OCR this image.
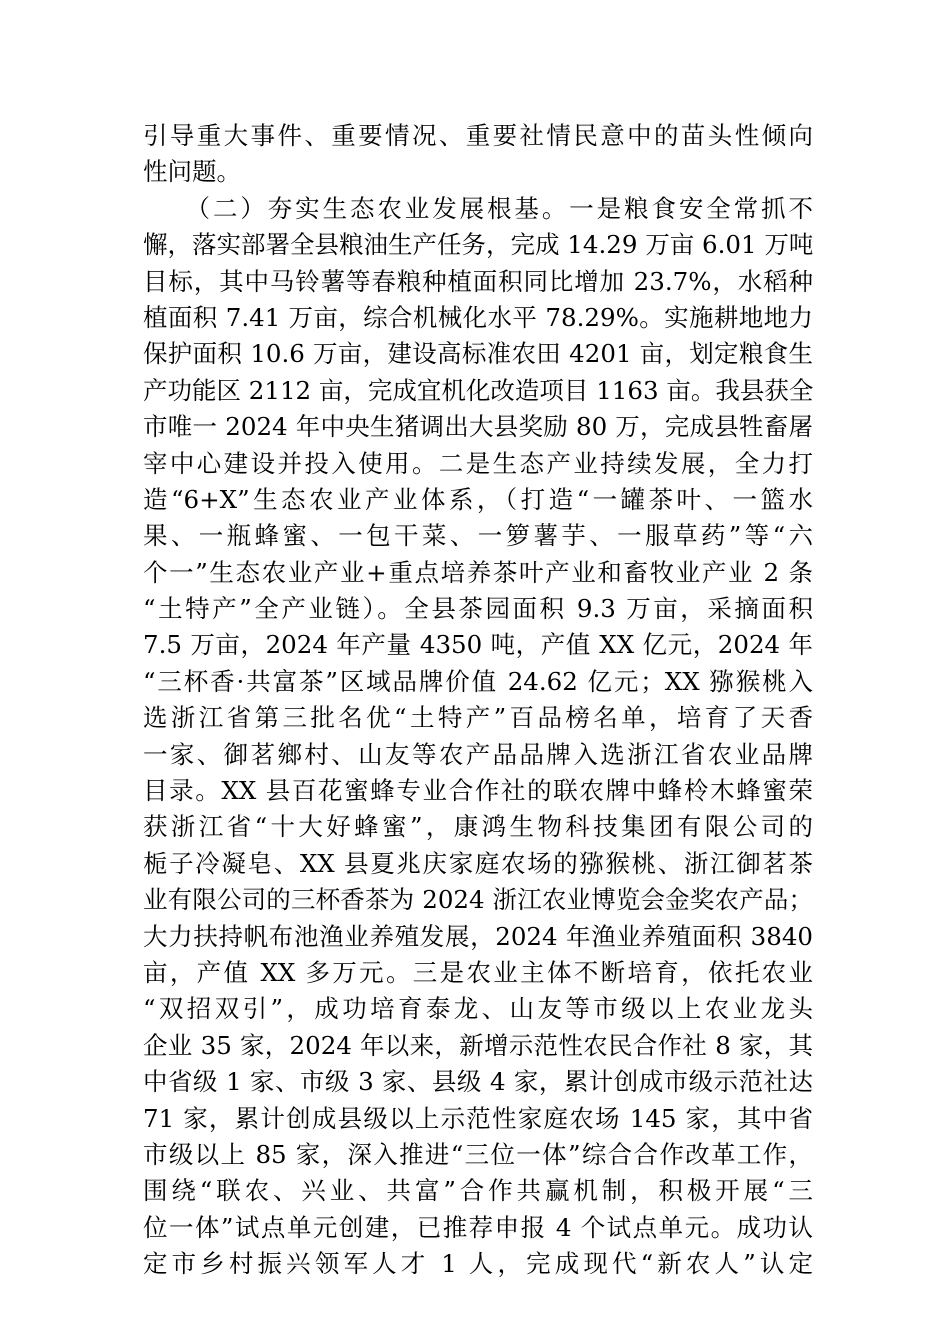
引导重大事件、重要情况、重要社情民意中的苗头性倾向
性问题。
　　（二）夯实生态农业发展根基。一是粮食安全常抓不
懈，落实部署全县粮油生产任务，完成 14.29 万亩 6.01 万吨
目标，其中马铃薯等春粮种植面积同比增加 23.7%，水稻种
植面积 7.41 万亩，综合机械化水平 78.29%。实施耕地地力
保护面积 10.6 万亩，建设高标准农田 4201 亩，划定粮食生
产功能区 2112 亩，完成宜机化改造项目 1163 亩。我县获全
市唯一 2024 年中央生猪调出大县奖励 80 万，完成县牲畜屠
宰中心建设并投入使用。二是生态产业持续发展，全力打
造“6+X”生态农业产业体系，（打造“一罐茶叶、一篮水
果、一瓶蜂蜜、一包干菜、一箩薯芋、一服草药”等“六
个一”生态农业产业+重点培养茶叶产业和畜牧业产业 2 条
“土特产”全产业链）。全县茶园面积 9.3 万亩，采摘面积
7.5 万亩，2024 年产量 4350 吨，产值 XX 亿元，2024 年
“三杯香·共富茶”区域品牌价值 24.62 亿元；XX 猕猴桃入
选浙江省第三批名优“土特产”百品榜名单，培育了天香
一家、御茗鄉村、山友等农产品品牌入选浙江省农业品牌
目录。XX 县百花蜜蜂专业合作社的联农牌中蜂柃木蜂蜜荣
获浙江省“十大好蜂蜜”，康鸿生物科技集团有限公司的
栀子冷凝皂、XX 县夏兆庆家庭农场的猕猴桃、浙江御茗茶
业有限公司的三杯香茶为 2024 浙江农业博览会金奖农产品；
大力扶持帆布池渔业养殖发展，2024 年渔业养殖面积 3840
亩，产值 XX 多万元。三是农业主体不断培育，依托农业
“双招双引”，成功培育泰龙、山友等市级以上农业龙头
企业 35 家，2024 年以来，新增示范性农民合作社 8 家，其
中省级 1 家、市级 3 家、县级 4 家，累计创成市级示范社达
71 家，累计创成县级以上示范性家庭农场 145 家，其中省
市级以上 85 家，深入推进“三位一体”综合合作改革工作，
围绕“联农、兴业、共富”合作共赢机制，积极开展“三
位一体”试点单元创建，已推荐申报 4 个试点单元。成功认
定市乡村振兴领军人才 1 人，完成现代“新农人”认定
